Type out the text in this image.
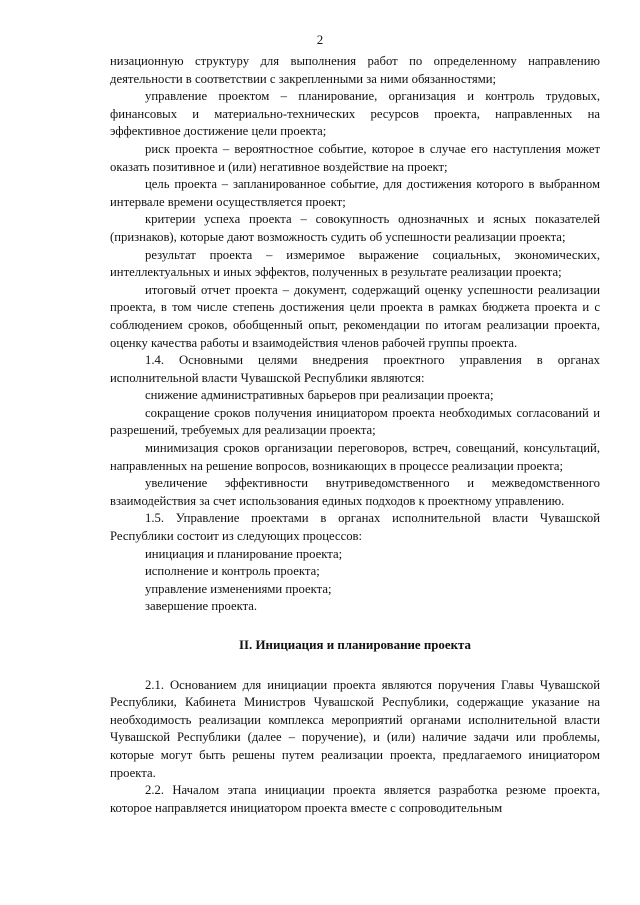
2

низационную структуру для выполнения работ по определенному направлению деятельности в соответствии с закрепленными за ними обязанностями;

управление проектом – планирование, организация и контроль трудовых, финансовых и материально-технических ресурсов проекта, направленных на эффективное достижение цели проекта;

риск проекта – вероятностное событие, которое в случае его наступления может оказать позитивное и (или) негативное воздействие на проект;

цель проекта – запланированное событие, для достижения которого в выбранном интервале времени осуществляется проект;

критерии успеха проекта – совокупность однозначных и ясных показателей (признаков), которые дают возможность судить об успешности реализации проекта;

результат проекта – измеримое выражение социальных, экономических, интеллектуальных и иных эффектов, полученных в результате реализации проекта;

итоговый отчет проекта – документ, содержащий оценку успешности реализации проекта, в том числе степень достижения цели проекта в рамках бюджета проекта и с соблюдением сроков, обобщенный опыт, рекомендации по итогам реализации проекта, оценку качества работы и взаимодействия членов рабочей группы проекта.

1.4. Основными целями внедрения проектного управления в органах исполнительной власти Чувашской Республики являются:

снижение административных барьеров при реализации проекта;

сокращение сроков получения инициатором проекта необходимых согласований и разрешений, требуемых для реализации проекта;

минимизация сроков организации переговоров, встреч, совещаний, консультаций, направленных на решение вопросов, возникающих в процессе реализации проекта;

увеличение эффективности внутриведомственного и межведомственного взаимодействия за счет использования единых подходов к проектному управлению.

1.5. Управление проектами в органах исполнительной власти Чувашской Республики состоит из следующих процессов:

инициация и планирование проекта;

исполнение и контроль проекта;

управление изменениями проекта;

завершение проекта.

II. Инициация и планирование проекта

2.1. Основанием для инициации проекта являются поручения Главы Чувашской Республики, Кабинета Министров Чувашской Республики, содержащие указание на необходимость реализации комплекса мероприятий органами исполнительной власти Чувашской Республики (далее – поручение), и (или) наличие задачи или проблемы, которые могут быть решены путем реализации проекта, предлагаемого инициатором проекта.

2.2. Началом этапа инициации проекта является разработка резюме проекта, которое направляется инициатором проекта вместе с сопроводительным
